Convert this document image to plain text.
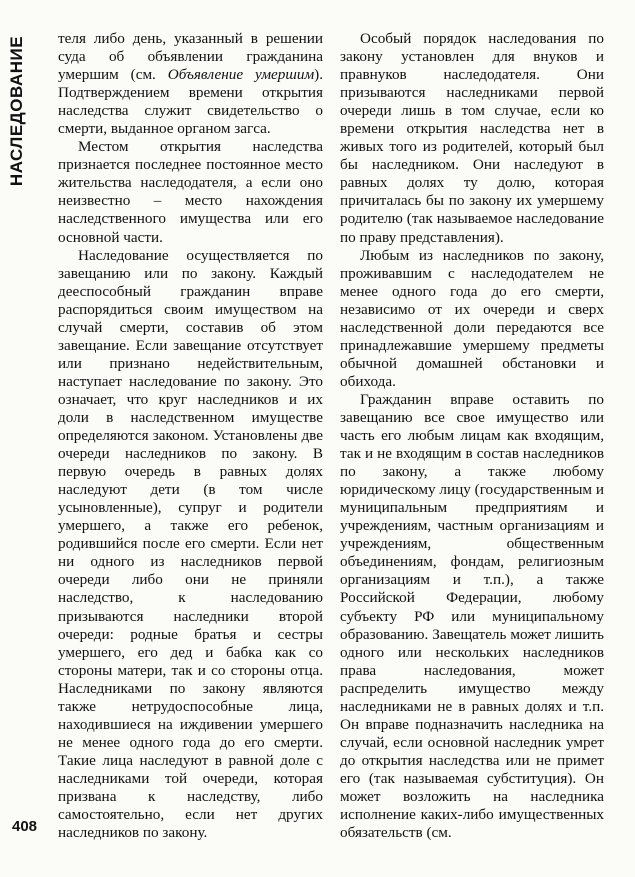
НАСЛЕДОВАНИЕ теля либо день, указанный в решении суда об объявлении гражданина умершим (см. Объявление умершим). Подтверждением времени открытия наследства служит свидетельство о смерти, выданное органом загса.

Местом открытия наследства признается последнее постоянное место жительства наследодателя, а если оно неизвестно – место нахождения наследственного имущества или его основной части.

Наследование осуществляется по завещанию или по закону. Каждый дееспособный гражданин вправе распорядиться своим имуществом на случай смерти, составив об этом завещание. Если завещание отсутствует или признано недействительным, наступает наследование по закону. Это означает, что круг наследников и их доли в наследственном имуществе определяются законом. Установлены две очереди наследников по закону. В первую очередь в равных долях наследуют дети (в том числе усыновленные), супруг и родители умершего, а также его ребенок, родившийся после его смерти. Если нет ни одного из наследников первой очереди либо они не приняли наследство, к наследованию призываются наследники второй очереди: родные братья и сестры умершего, его дед и бабка как со стороны матери, так и со стороны отца. Наследниками по закону являются также нетрудоспособные лица, находившиеся на иждивении умершего не менее одного года до его смерти. Такие лица наследуют в равной доле с наследниками той очереди, которая призвана к наследству, либо самостоятельно, если нет других наследников по закону.

Особый порядок наследования по закону установлен для внуков и правнуков наследодателя. Они призываются наследниками первой очереди лишь в том случае, если ко времени открытия наследства нет в живых того из родителей, который был бы наследником. Они наследуют в равных долях ту долю, которая причиталась бы по закону их умершему родителю (так называемое наследование по праву представления).

Любым из наследников по закону, проживавшим с наследодателем не менее одного года до его смерти, независимо от их очереди и сверх наследственной доли передаются все принадлежавшие умершему предметы обычной домашней обстановки и обихода.

Гражданин вправе оставить по завещанию все свое имущество или часть его любым лицам как входящим, так и не входящим в состав наследников по закону, а также любому юридическому лицу (государственным и муниципальным предприятиям и учреждениям, частным организациям и учреждениям, общественным объединениям, фондам, религиозным организациям и т.п.), а также Российской Федерации, любому субъекту РФ или муниципальному образованию. Завещатель может лишить одного или нескольких наследников права наследования, может распределить имущество между наследниками не в равных долях и т.п. Он вправе подназначить наследника на случай, если основной наследник умрет до открытия наследства или не примет его (так называемая субституция). Он может возложить на наследника исполнение каких-либо имущественных обязательств (см.

408
